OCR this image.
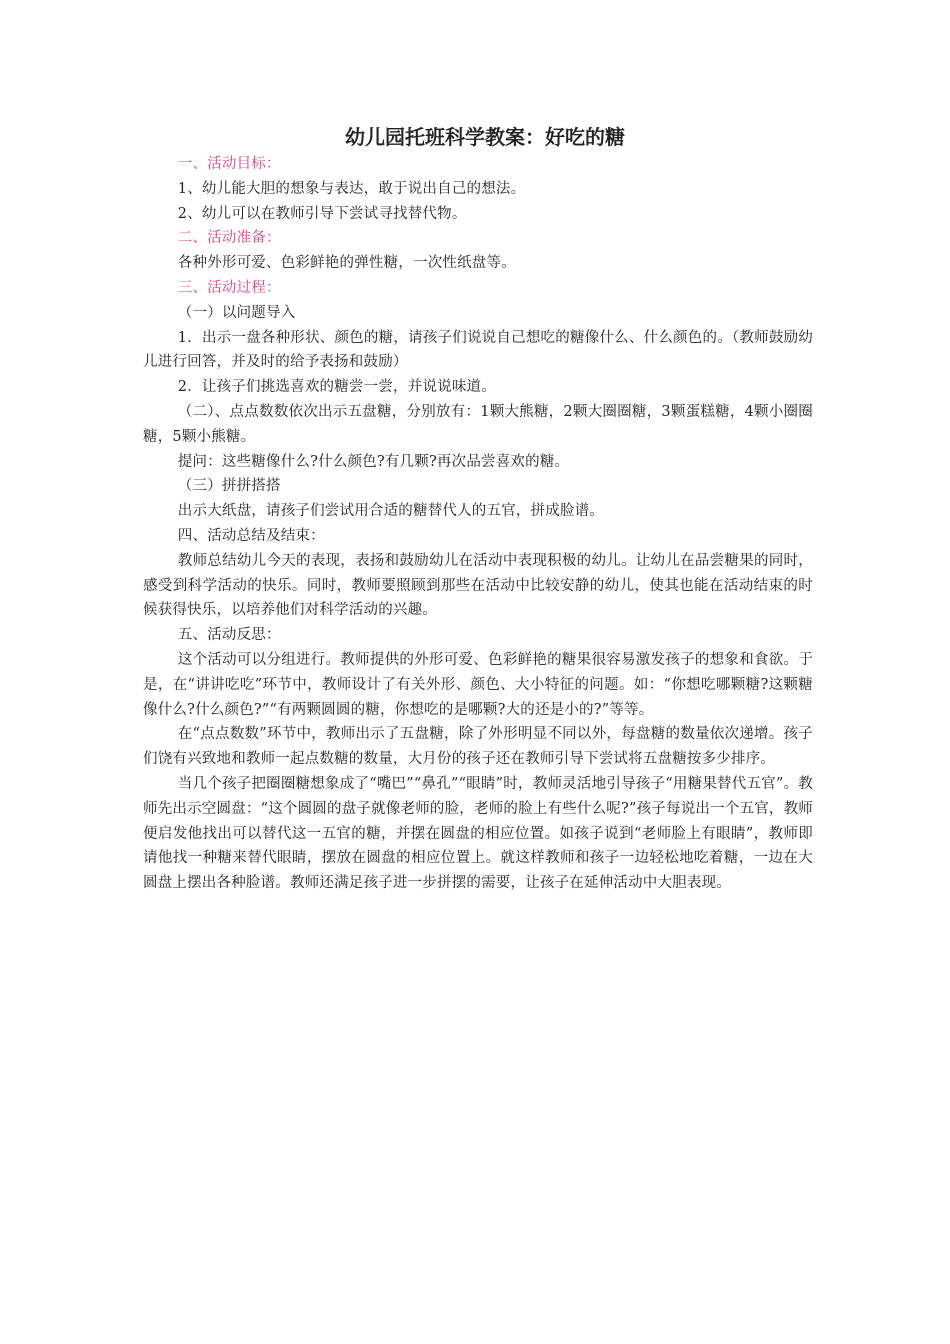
幼儿园托班科学教案：好吃的糖

一、活动目标：

1、幼儿能大胆的想象与表达，敢于说出自己的想法。

2、幼儿可以在教师引导下尝试寻找替代物。

二、活动准备：

各种外形可爱、色彩鲜艳的弹性糖，一次性纸盘等。

三、活动过程：

（一）以问题导入

1．出示一盘各种形状、颜色的糖，请孩子们说说自己想吃的糖像什么、什么颜色的。（教师鼓励幼儿进行回答，并及时的给予表扬和鼓励）

2．让孩子们挑选喜欢的糖尝一尝，并说说味道。

（二）、点点数数依次出示五盘糖，分别放有：1颗大熊糖，2颗大圈圈糖，3颗蛋糕糖，4颗小圈圈糖，5颗小熊糖。

提问：这些糖像什么?什么颜色?有几颗?再次品尝喜欢的糖。

（三）拼拼搭搭

出示大纸盘，请孩子们尝试用合适的糖替代人的五官，拼成脸谱。

四、活动总结及结束：

教师总结幼儿今天的表现，表扬和鼓励幼儿在活动中表现积极的幼儿。让幼儿在品尝糖果的同时，感受到科学活动的快乐。同时，教师要照顾到那些在活动中比较安静的幼儿，使其也能在活动结束的时候获得快乐，以培养他们对科学活动的兴趣。

五、活动反思：

这个活动可以分组进行。教师提供的外形可爱、色彩鲜艳的糖果很容易激发孩子的想象和食欲。于是，在“讲讲吃吃”环节中，教师设计了有关外形、颜色、大小特征的问题。如：“你想吃哪颗糖?这颗糖像什么?什么颜色?”“有两颗圆圆的糖，你想吃的是哪颗?大的还是小的?”等等。

在“点点数数”环节中，教师出示了五盘糖，除了外形明显不同以外，每盘糖的数量依次递增。孩子们饶有兴致地和教师一起点数糖的数量，大月份的孩子还在教师引导下尝试将五盘糖按多少排序。

当几个孩子把圈圈糖想象成了“嘴巴”“鼻孔”“眼睛”时，教师灵活地引导孩子“用糖果替代五官”。教师先出示空圆盘：“这个圆圆的盘子就像老师的脸，老师的脸上有些什么呢?”孩子每说出一个五官，教师便启发他找出可以替代这一五官的糖，并摆在圆盘的相应位置。如孩子说到“老师脸上有眼睛”，教师即请他找一种糖来替代眼睛，摆放在圆盘的相应位置上。就这样教师和孩子一边轻松地吃着糖，一边在大圆盘上摆出各种脸谱。教师还满足孩子进一步拼摆的需要，让孩子在延伸活动中大胆表现。
